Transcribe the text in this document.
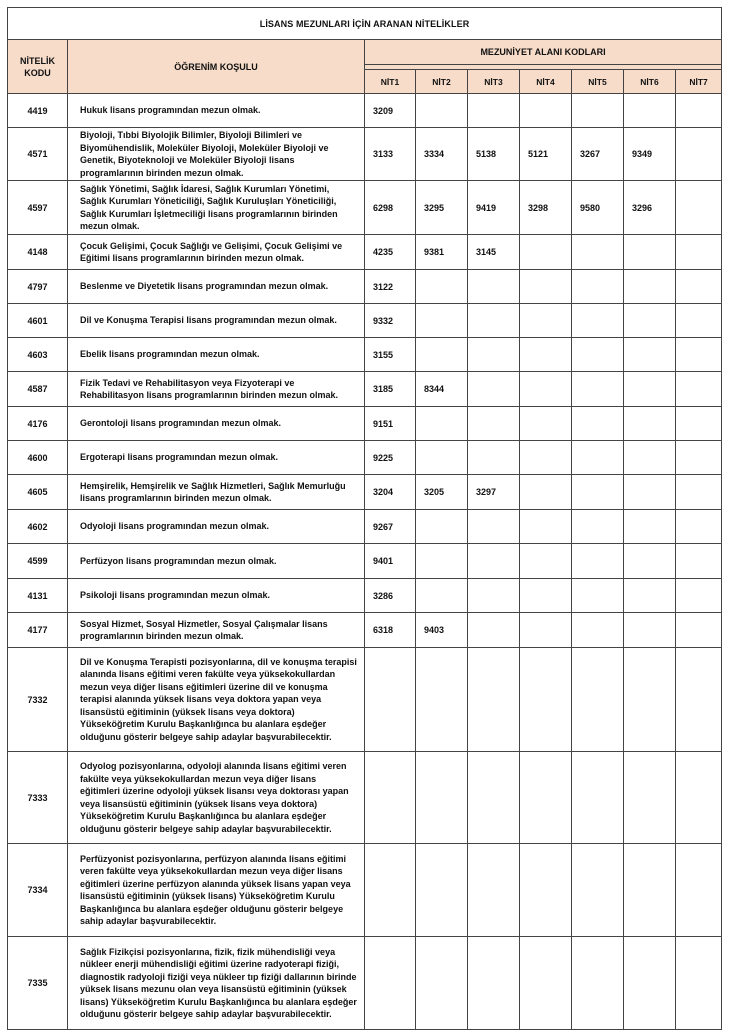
LİSANS MEZUNLARI İÇİN ARANAN NİTELİKLER								

NİTELİK
KODU	ÖĞRENİM KOŞULU	MEZUNİYET ALANI KODLARI						

		NİT1	NİT2	NİT3	NİT4	NİT5	NİT6	NİT7
4419	Hukuk lisans programından mezun olmak.	3209						
4571	Biyoloji, Tıbbi Biyolojik Bilimler, Biyoloji Bilimleri ve Biyomühendislik, Moleküler Biyoloji, Moleküler Biyoloji ve Genetik, Biyoteknoloji ve Moleküler Biyoloji lisans programlarının birinden mezun olmak.	3133	3334	5138	5121	3267	9349	
4597	Sağlık Yönetimi, Sağlık İdaresi, Sağlık Kurumları Yönetimi, Sağlık Kurumları Yöneticiliği, Sağlık Kuruluşları Yöneticiliği, Sağlık Kurumları İşletmeciliği lisans programlarının birinden mezun olmak.	6298	3295	9419	3298	9580	3296	
4148	Çocuk Gelişimi, Çocuk Sağlığı ve Gelişimi, Çocuk Gelişimi ve Eğitimi lisans programlarının birinden mezun olmak.	4235	9381	3145				
4797	Beslenme ve Diyetetik lisans programından mezun olmak.	3122						
4601	Dil ve Konuşma Terapisi lisans programından mezun olmak.	9332						
4603	Ebelik lisans programından mezun olmak.	3155						
4587	Fizik Tedavi ve Rehabilitasyon veya Fizyoterapi ve Rehabilitasyon lisans programlarının birinden mezun olmak.	3185	8344					
4176	Gerontoloji lisans programından mezun olmak.	9151						
4600	Ergoterapi lisans programından mezun olmak.	9225						
4605	Hemşirelik, Hemşirelik ve Sağlık Hizmetleri, Sağlık Memurluğu lisans programlarının birinden mezun olmak.	3204	3205	3297				
4602	Odyoloji lisans programından mezun olmak.	9267						
4599	Perfüzyon lisans programından mezun olmak.	9401						
4131	Psikoloji lisans programından mezun olmak.	3286						
4177	Sosyal Hizmet, Sosyal Hizmetler, Sosyal Çalışmalar lisans programlarının birinden mezun olmak.	6318	9403					
7332	Dil ve Konuşma Terapisti pozisyonlarına, dil ve konuşma terapisi alanında lisans eğitimi veren fakülte veya yüksekokullardan mezun veya diğer lisans eğitimleri üzerine dil ve konuşma terapisi alanında yüksek lisans veya doktora yapan veya lisansüstü eğitiminin (yüksek lisans veya doktora) Yükseköğretim Kurulu Başkanlığınca bu alanlara eşdeğer olduğunu gösterir belgeye sahip adaylar başvurabilecektir.							
7333	Odyolog pozisyonlarına, odyoloji alanında lisans eğitimi veren fakülte veya yüksekokullardan mezun veya diğer lisans eğitimleri üzerine odyoloji yüksek lisansı veya doktorası yapan veya lisansüstü eğitiminin (yüksek lisans veya doktora) Yükseköğretim Kurulu Başkanlığınca bu alanlara eşdeğer olduğunu gösterir belgeye sahip adaylar başvurabilecektir.							
7334	Perfüzyonist pozisyonlarına, perfüzyon alanında lisans eğitimi veren fakülte veya yüksekokullardan mezun veya diğer lisans eğitimleri üzerine perfüzyon alanında yüksek lisans yapan veya lisansüstü eğitiminin (yüksek lisans) Yükseköğretim Kurulu Başkanlığınca bu alanlara eşdeğer olduğunu gösterir belgeye sahip adaylar başvurabilecektir.							
7335	Sağlık Fizikçisi pozisyonlarına, fizik, fizik mühendisliği veya nükleer enerji mühendisliği eğitimi üzerine radyoterapi fiziği, diagnostik radyoloji fiziği veya nükleer tıp fiziği dallarının birinde yüksek lisans mezunu olan veya lisansüstü eğitiminin (yüksek lisans) Yükseköğretim Kurulu Başkanlığınca bu alanlara eşdeğer olduğunu gösterir belgeye sahip adaylar başvurabilecektir.							
